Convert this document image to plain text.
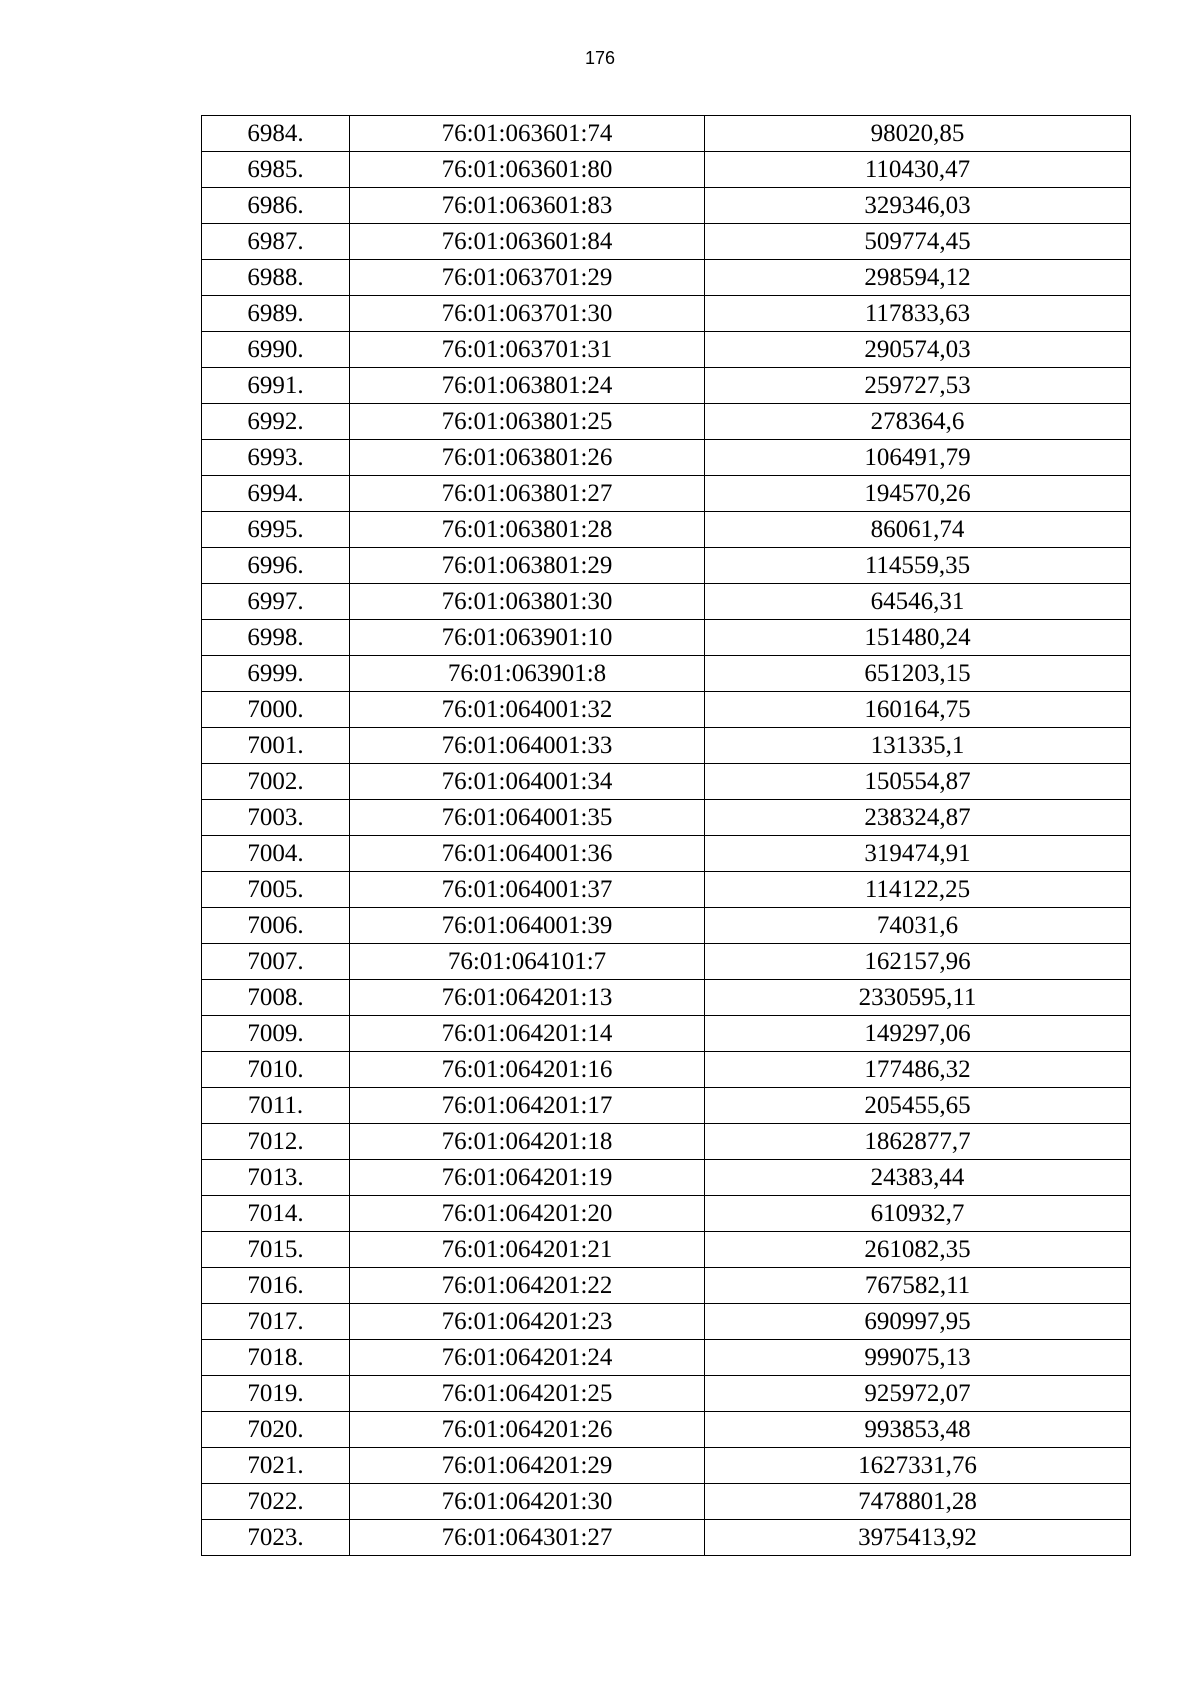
176
6984.	76:01:063601:74	98020,85
6985.	76:01:063601:80	110430,47
6986.	76:01:063601:83	329346,03
6987.	76:01:063601:84	509774,45
6988.	76:01:063701:29	298594,12
6989.	76:01:063701:30	117833,63
6990.	76:01:063701:31	290574,03
6991.	76:01:063801:24	259727,53
6992.	76:01:063801:25	278364,6
6993.	76:01:063801:26	106491,79
6994.	76:01:063801:27	194570,26
6995.	76:01:063801:28	86061,74
6996.	76:01:063801:29	114559,35
6997.	76:01:063801:30	64546,31
6998.	76:01:063901:10	151480,24
6999.	76:01:063901:8	651203,15
7000.	76:01:064001:32	160164,75
7001.	76:01:064001:33	131335,1
7002.	76:01:064001:34	150554,87
7003.	76:01:064001:35	238324,87
7004.	76:01:064001:36	319474,91
7005.	76:01:064001:37	114122,25
7006.	76:01:064001:39	74031,6
7007.	76:01:064101:7	162157,96
7008.	76:01:064201:13	2330595,11
7009.	76:01:064201:14	149297,06
7010.	76:01:064201:16	177486,32
7011.	76:01:064201:17	205455,65
7012.	76:01:064201:18	1862877,7
7013.	76:01:064201:19	24383,44
7014.	76:01:064201:20	610932,7
7015.	76:01:064201:21	261082,35
7016.	76:01:064201:22	767582,11
7017.	76:01:064201:23	690997,95
7018.	76:01:064201:24	999075,13
7019.	76:01:064201:25	925972,07
7020.	76:01:064201:26	993853,48
7021.	76:01:064201:29	1627331,76
7022.	76:01:064201:30	7478801,28
7023.	76:01:064301:27	3975413,92
